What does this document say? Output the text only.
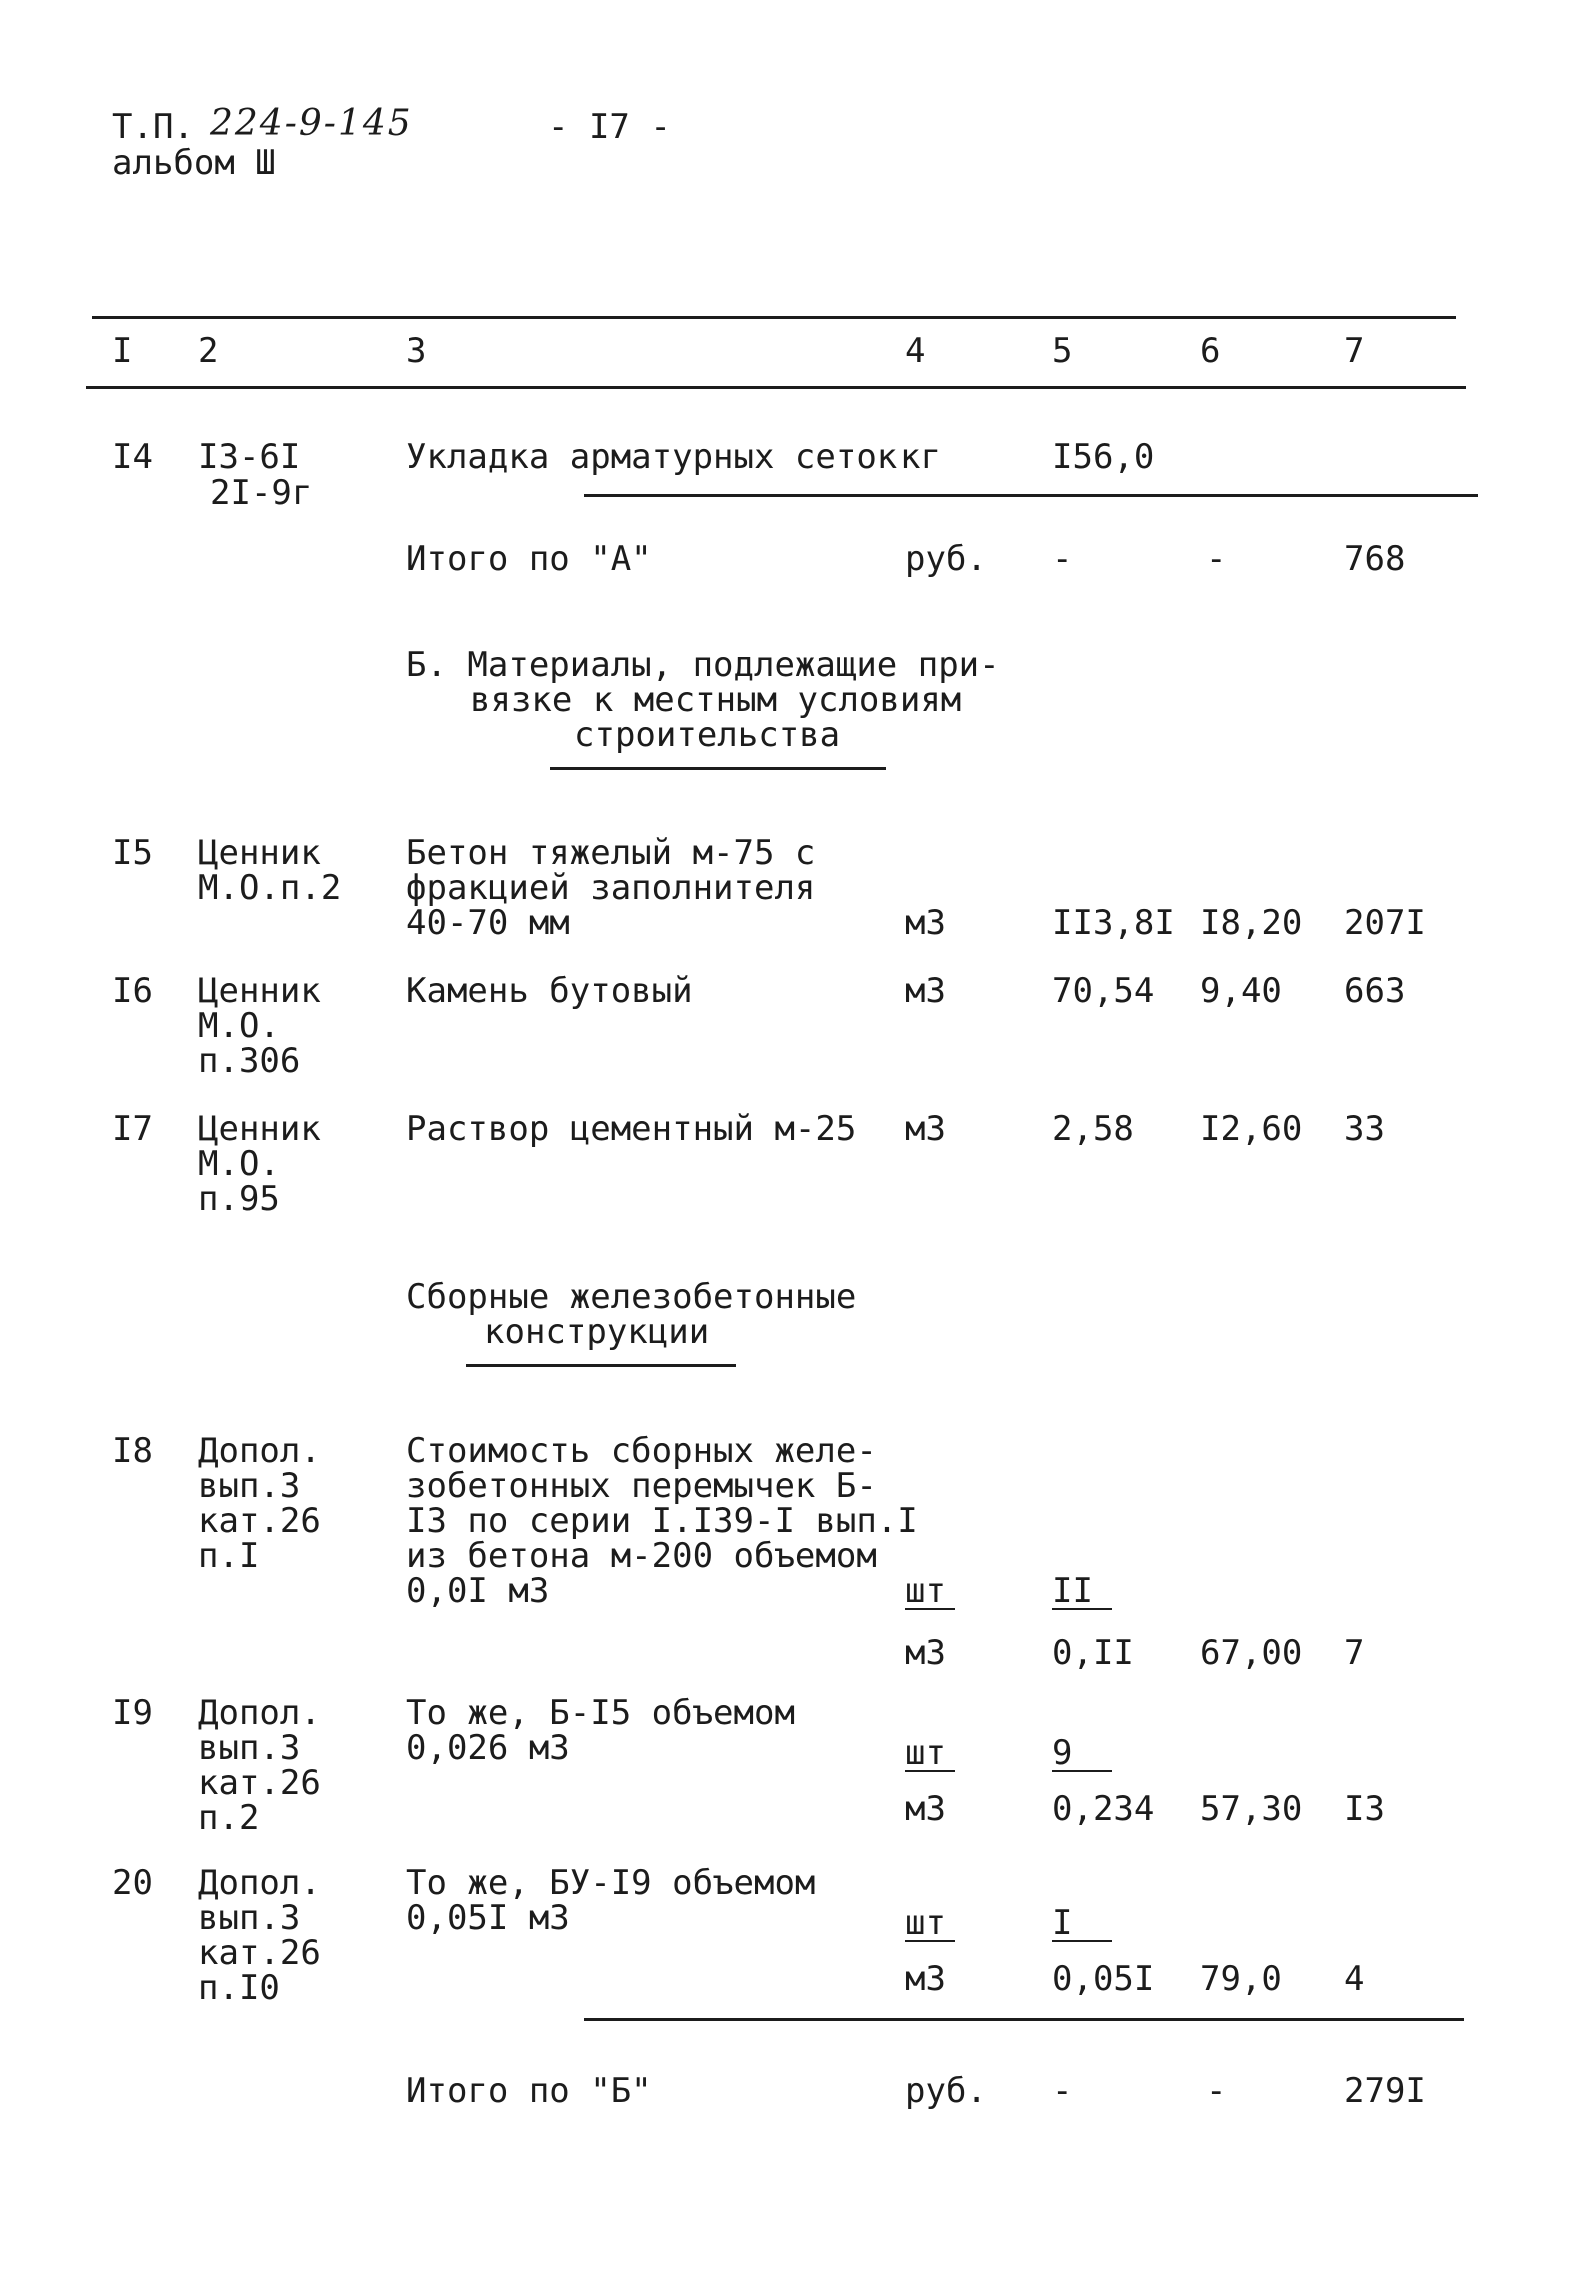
Т.П. 224-9-145	- I7 -
альбом Ш
I 2	3	4	5	6	7
I4 I3-6I
2I-9г
Укладка арматурных сеток кг	I56,0
Итого по "А"	руб. -	-	768
Б. Материалы, подлежащие при-
вязке к местным условиям
строительства
I5 Ценник
М.О.п.2
Бетон тяжелый м-75 с
фракцией заполнителя
40-70 мм	м3	II3,8I I8,20 207I
I6 Ценник
М.О.
п.306
Камень бутовый	м3	70,54 9,40 663
I7 Ценник
М.О.
п.95
Раствор цементный м-25 м3	2,58 I2,60 33
Сборные железобетонные
конструкции
I8 Допол.
вып.3
кат.26
п.I
Стоимость сборных желе-
зобетонных перемычек Б-
I3 по серии I.I39-I вып.I
из бетона м-200 объемом
0,0I м3	шт	II
м3	0,II 67,00 7
I9 Допол.
вып.3
кат.26
п.2
То же, Б-I5 объемом
0,026 м3	шт	9
м3	0,234 57,30 I3
20 Допол.
вып.3
кат.26
п.I0
То же, БУ-I9 объемом
0,05I м3	шт	I
м3	0,05I 79,0 4
Итого по "Б"	руб. -	-	279I
